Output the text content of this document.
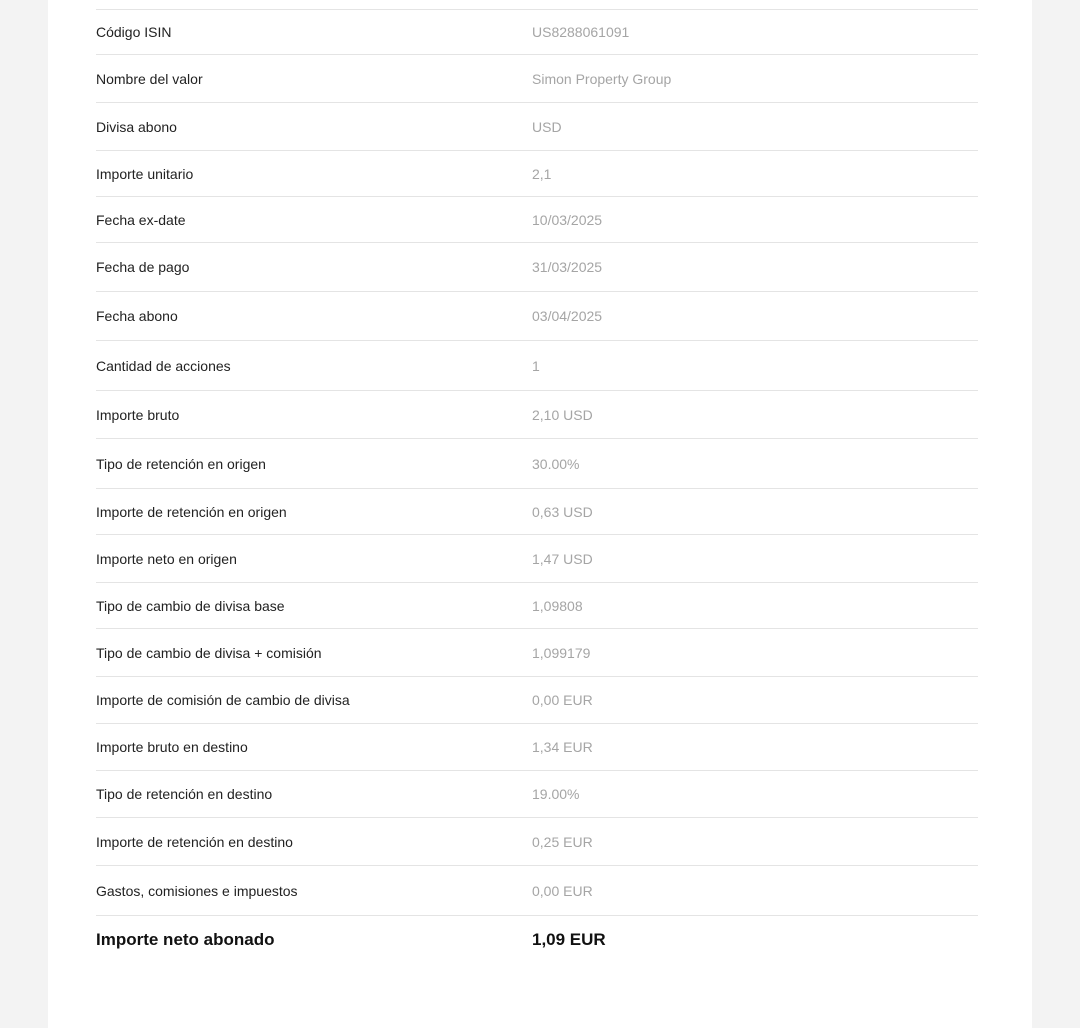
Código ISIN	US8288061091
Nombre del valor	Simon Property Group
Divisa abono	USD
Importe unitario	2,1
Fecha ex-date	10/03/2025
Fecha de pago	31/03/2025
Fecha abono	03/04/2025
Cantidad de acciones	1
Importe bruto	2,10 USD
Tipo de retención en origen	30.00%
Importe de retención en origen	0,63 USD
Importe neto en origen	1,47 USD
Tipo de cambio de divisa base	1,09808
Tipo de cambio de divisa + comisión	1,099179
Importe de comisión de cambio de divisa	0,00 EUR
Importe bruto en destino	1,34 EUR
Tipo de retención en destino	19.00%
Importe de retención en destino	0,25 EUR
Gastos, comisiones e impuestos	0,00 EUR
Importe neto abonado	1,09 EUR
